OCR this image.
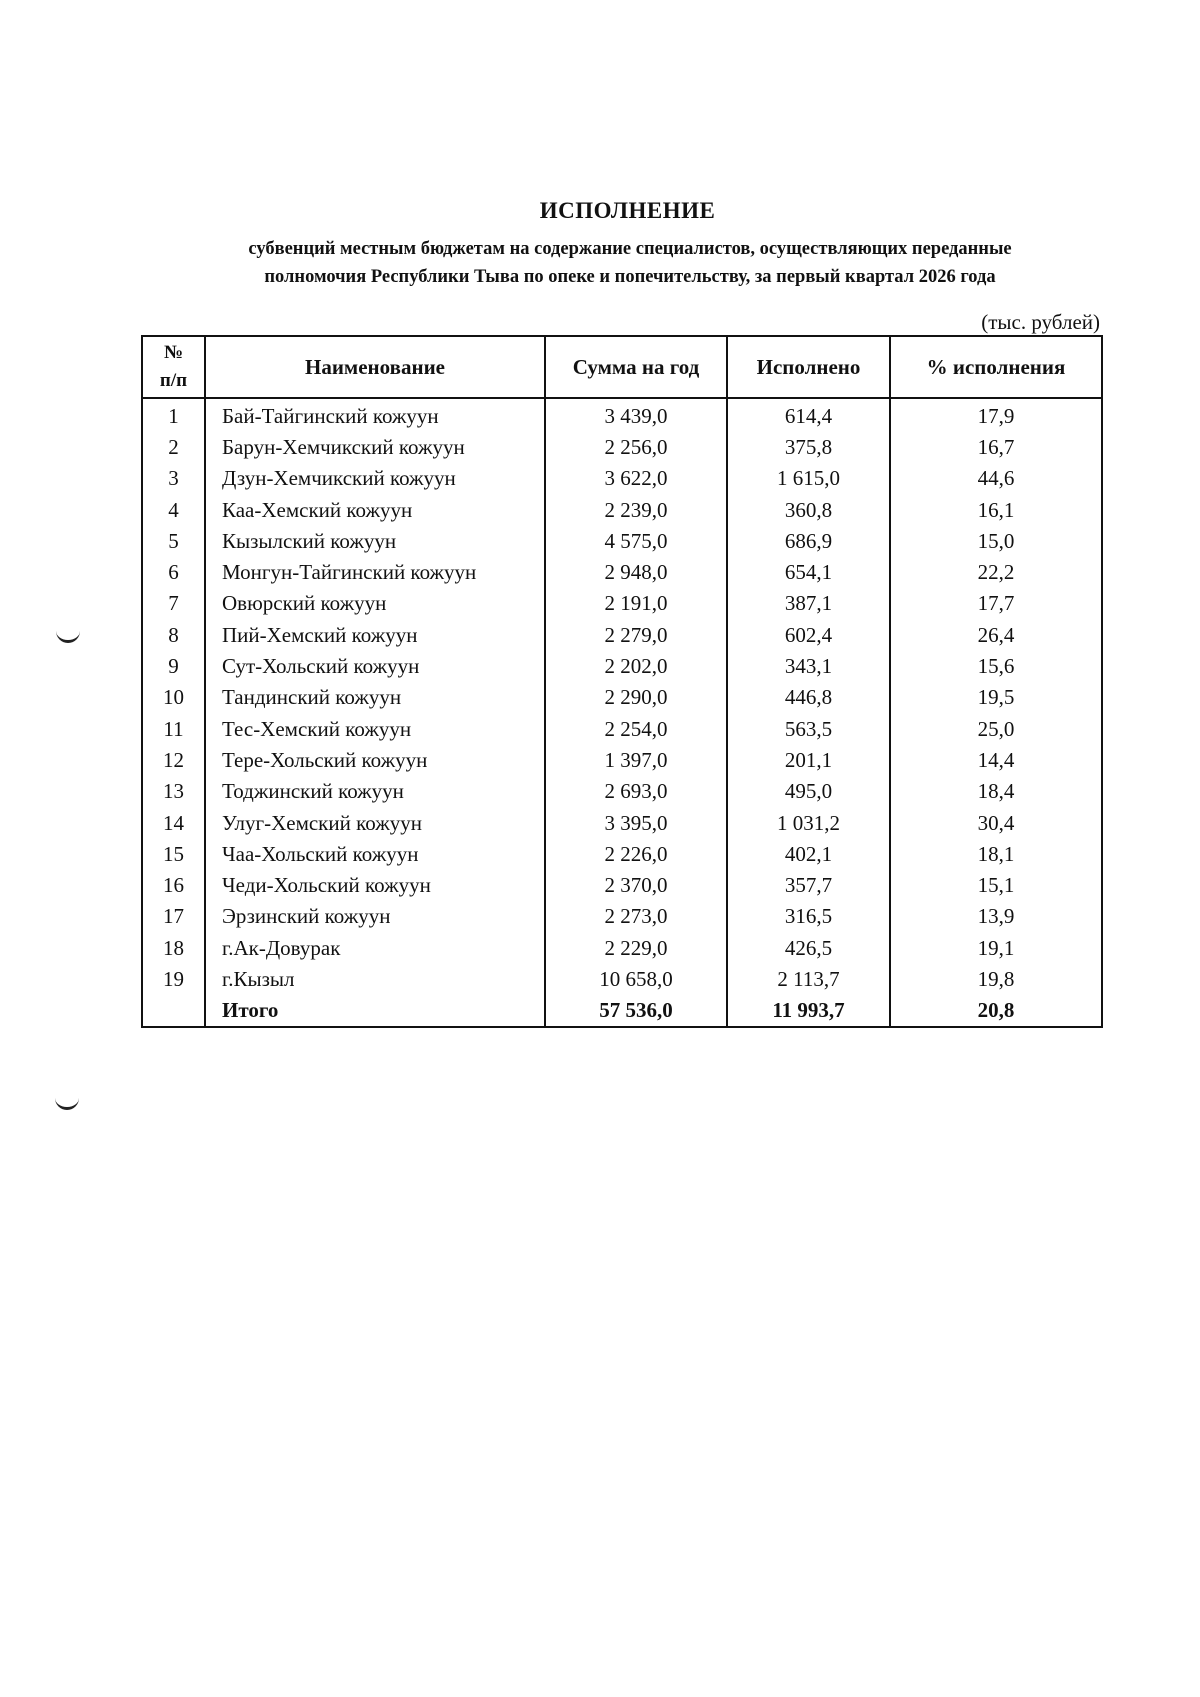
ИСПОЛНЕНИЕ
субвенций местным бюджетам на содержание специалистов, осуществляющих переданные
полномочия Республики Тыва по опеке и попечительству, за первый квартал 2026 года
(тыс. рублей)
№
п/п	Наименование	Сумма на год	Исполнено	% исполнения
1	Бай-Тайгинский кожуун	3 439,0	614,4	17,9
2	Барун-Хемчикский кожуун	2 256,0	375,8	16,7
3	Дзун-Хемчикский кожуун	3 622,0	1 615,0	44,6
4	Каа-Хемский кожуун	2 239,0	360,8	16,1
5	Кызылский кожуун	4 575,0	686,9	15,0
6	Монгун-Тайгинский кожуун	2 948,0	654,1	22,2
7	Овюрский кожуун	2 191,0	387,1	17,7
8	Пий-Хемский кожуун	2 279,0	602,4	26,4
9	Сут-Хольский кожуун	2 202,0	343,1	15,6
10	Тандинский кожуун	2 290,0	446,8	19,5
11	Тес-Хемский кожуун	2 254,0	563,5	25,0
12	Тере-Хольский кожуун	1 397,0	201,1	14,4
13	Тоджинский кожуун	2 693,0	495,0	18,4
14	Улуг-Хемский кожуун	3 395,0	1 031,2	30,4
15	Чаа-Хольский кожуун	2 226,0	402,1	18,1
16	Чеди-Хольский кожуун	2 370,0	357,7	15,1
17	Эрзинский кожуун	2 273,0	316,5	13,9
18	г.Ак-Довурак	2 229,0	426,5	19,1
19	г.Кызыл	10 658,0	2 113,7	19,8
	Итого	57 536,0	11 993,7	20,8
